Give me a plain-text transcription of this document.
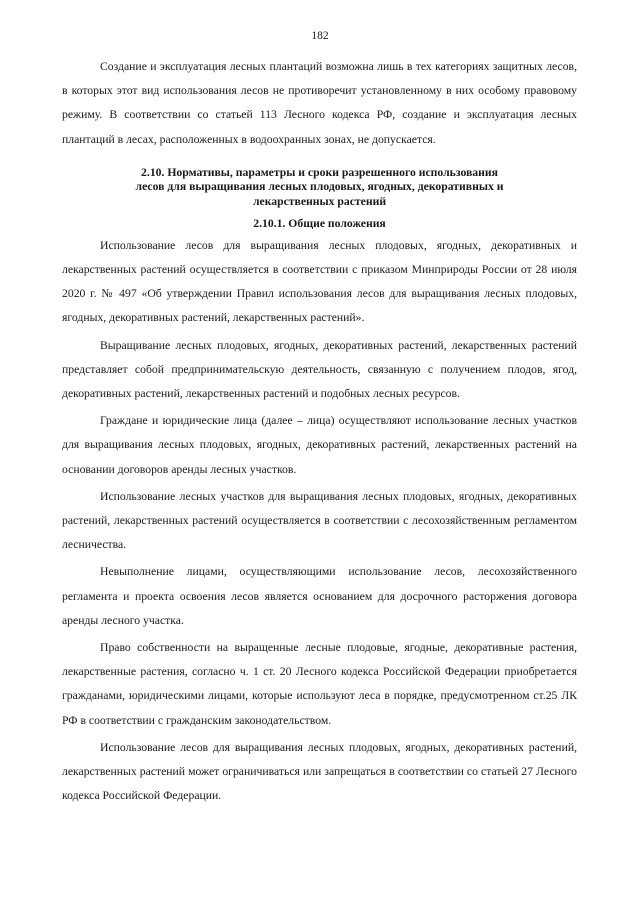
182

Создание и эксплуатация лесных плантаций возможна лишь в тех категориях защитных лесов, в которых этот вид использования лесов не противоречит установленному в них особому правовому режиму. В соответствии со статьей 113 Лесного кодекса РФ, создание и эксплуатация лесных плантаций в лесах, расположенных в водоохранных зонах, не допускается.

2.10. Нормативы, параметры и сроки разрешенного использования
лесов для выращивания лесных плодовых, ягодных, декоративных и
лекарственных растений
2.10.1. Общие положения

Использование лесов для выращивания лесных плодовых, ягодных, декоративных и лекарственных растений осуществляется в соответствии с приказом Минприроды России от 28 июля 2020 г. № 497 «Об утверждении Правил использования лесов для выращивания лесных плодовых, ягодных, декоративных растений, лекарственных растений».

Выращивание лесных плодовых, ягодных, декоративных растений, лекарственных растений представляет собой предпринимательскую деятельность, связанную с получением плодов, ягод, декоративных растений, лекарственных растений и подобных лесных ресурсов.

Граждане и юридические лица (далее – лица) осуществляют использование лесных участков для выращивания лесных плодовых, ягодных, декоративных растений, лекарственных растений на основании договоров аренды лесных участков.

Использование лесных участков для выращивания лесных плодовых, ягодных, декоративных растений, лекарственных растений осуществляется в соответствии с лесохозяйственным регламентом лесничества.

Невыполнение лицами, осуществляющими использование лесов, лесохозяйственного регламента и проекта освоения лесов является основанием для досрочного расторжения договора аренды лесного участка.

Право собственности на выращенные лесные плодовые, ягодные, декоративные растения, лекарственные растения, согласно ч. 1 ст. 20 Лесного кодекса Российской Федерации приобретается гражданами, юридическими лицами, которые используют леса в порядке, предусмотренном ст.25 ЛК РФ в соответствии с гражданским законодательством.

Использование лесов для выращивания лесных плодовых, ягодных, декоративных растений, лекарственных растений может ограничиваться или запрещаться в соответствии со статьей 27 Лесного кодекса Российской Федерации.
